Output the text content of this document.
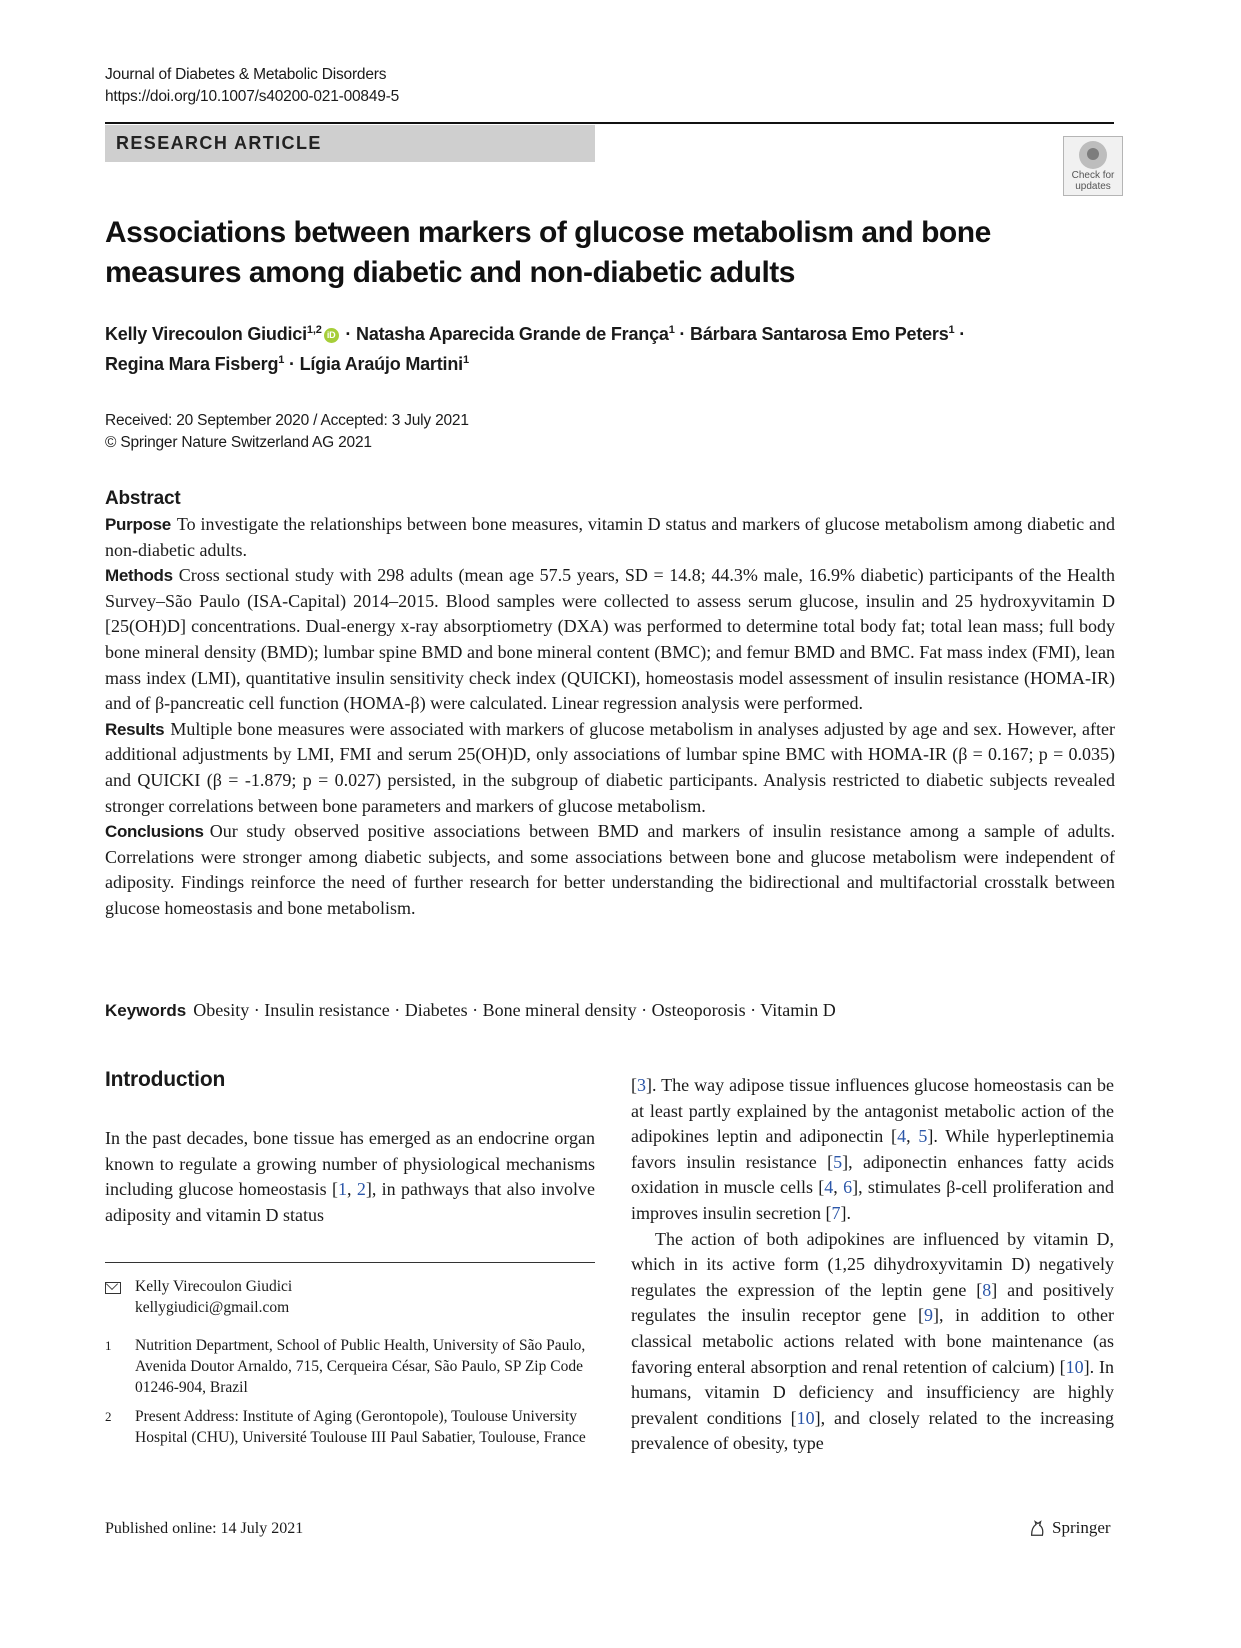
Journal of Diabetes & Metabolic Disorders
https://doi.org/10.1007/s40200-021-00849-5
RESEARCH ARTICLE
Check for
updates
Associations between markers of glucose metabolism and bone measures among diabetic and non-diabetic adults
Kelly Virecoulon Giudici$^{1,2}$ iD · Natasha Aparecida Grande de França$^1$ · Bárbara Santarosa Emo Peters$^1$ ·
Regina Mara Fisberg$^1$ · Lígia Araújo Martini$^1$
Received: 20 September 2020 / Accepted: 3 July 2021
© Springer Nature Switzerland AG 2021
Abstract

Purpose To investigate the relationships between bone measures, vitamin D status and markers of glucose metabolism among diabetic and non-diabetic adults.

Methods Cross sectional study with 298 adults (mean age 57.5 years, SD = 14.8; 44.3% male, 16.9% diabetic) participants of the Health Survey–São Paulo (ISA-Capital) 2014–2015. Blood samples were collected to assess serum glucose, insulin and 25 hydroxyvitamin D [25(OH)D] concentrations. Dual-energy x-ray absorptiometry (DXA) was performed to determine total body fat; total lean mass; full body bone mineral density (BMD); lumbar spine BMD and bone mineral content (BMC); and femur BMD and BMC. Fat mass index (FMI), lean mass index (LMI), quantitative insulin sensitivity check index (QUICKI), homeostasis model assessment of insulin resistance (HOMA-IR) and of β-pancreatic cell function (HOMA-β) were calculated. Linear regression analysis were performed.

Results Multiple bone measures were associated with markers of glucose metabolism in analyses adjusted by age and sex. However, after additional adjustments by LMI, FMI and serum 25(OH)D, only associations of lumbar spine BMC with HOMA-IR (β = 0.167; p = 0.035) and QUICKI (β = -1.879; p = 0.027) persisted, in the subgroup of diabetic participants. Analysis restricted to diabetic subjects revealed stronger correlations between bone parameters and markers of glucose metabolism.

Conclusions Our study observed positive associations between BMD and markers of insulin resistance among a sample of adults. Correlations were stronger among diabetic subjects, and some associations between bone and glucose metabolism were independent of adiposity. Findings reinforce the need of further research for better understanding the bidirectional and multifactorial crosstalk between glucose homeostasis and bone metabolism.

Keywords Obesity · Insulin resistance · Diabetes · Bone mineral density · Osteoporosis · Vitamin D
Introduction

In the past decades, bone tissue has emerged as an endocrine organ known to regulate a growing number of physiological mechanisms including glucose homeostasis [1, 2], in pathways that also involve adiposity and vitamin D status

[3]. The way adipose tissue influences glucose homeostasis can be at least partly explained by the antagonist metabolic action of the adipokines leptin and adiponectin [4, 5]. While hyperleptinemia favors insulin resistance [5], adiponectin enhances fatty acids oxidation in muscle cells [4, 6], stimulates β-cell proliferation and improves insulin secretion [7].

The action of both adipokines are influenced by vitamin D, which in its active form (1,25 dihydroxyvitamin D) negatively regulates the expression of the leptin gene [8] and positively regulates the insulin receptor gene [9], in addition to other classical metabolic actions related with bone maintenance (as favoring enteral absorption and renal retention of calcium) [10]. In humans, vitamin D deficiency and insufficiency are highly prevalent conditions [10], and closely related to the increasing prevalence of obesity, type

Kelly Virecoulon Giudici
kellygiudici@gmail.com
1 Nutrition Department, School of Public Health, University of São Paulo, Avenida Doutor Arnaldo, 715, Cerqueira César, São Paulo, SP Zip Code 01246-904, Brazil
2 Present Address: Institute of Aging (Gerontopole), Toulouse University Hospital (CHU), Université Toulouse III Paul Sabatier, Toulouse, France
Published online: 14 July 2021	Springer
